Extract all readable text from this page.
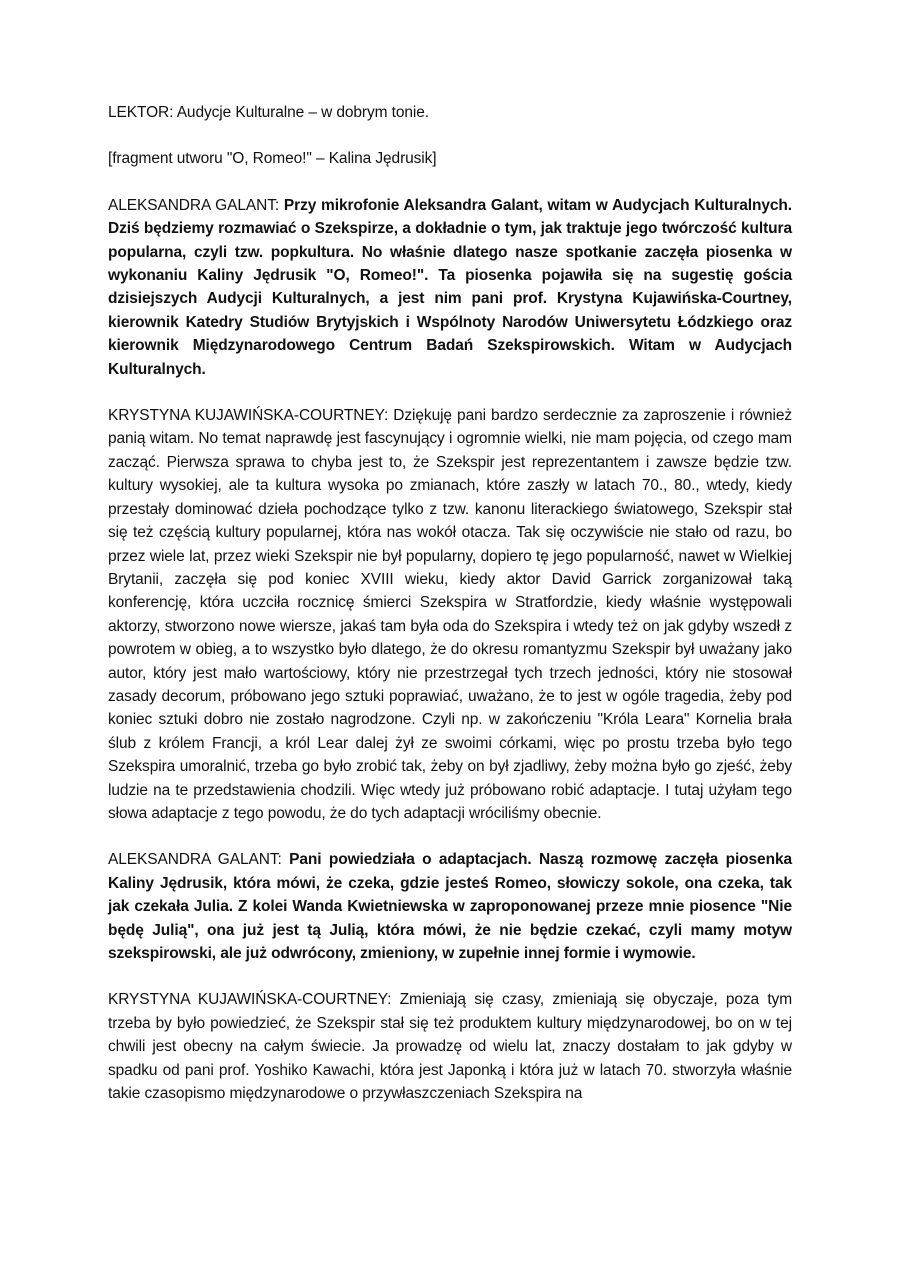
LEKTOR: Audycje Kulturalne – w dobrym tonie.

[fragment utworu "O, Romeo!" – Kalina Jędrusik]

ALEKSANDRA GALANT: Przy mikrofonie Aleksandra Galant, witam w Audycjach Kulturalnych. Dziś będziemy rozmawiać o Szekspirze, a dokładnie o tym, jak traktuje jego twórczość kultura popularna, czyli tzw. popkultura. No właśnie dlatego nasze spotkanie zaczęła piosenka w wykonaniu Kaliny Jędrusik "O, Romeo!". Ta piosenka pojawiła się na sugestię gościa dzisiejszych Audycji Kulturalnych, a jest nim pani prof. Krystyna Kujawińska-Courtney, kierownik Katedry Studiów Brytyjskich i Wspólnoty Narodów Uniwersytetu Łódzkiego oraz kierownik Międzynarodowego Centrum Badań Szekspirowskich. Witam w Audycjach Kulturalnych.

KRYSTYNA KUJAWIŃSKA-COURTNEY: Dziękuję pani bardzo serdecznie za zaproszenie i również panią witam. No temat naprawdę jest fascynujący i ogromnie wielki, nie mam pojęcia, od czego mam zacząć. Pierwsza sprawa to chyba jest to, że Szekspir jest reprezentantem i zawsze będzie tzw. kultury wysokiej, ale ta kultura wysoka po zmianach, które zaszły w latach 70., 80., wtedy, kiedy przestały dominować dzieła pochodzące tylko z tzw. kanonu literackiego światowego, Szekspir stał się też częścią kultury popularnej, która nas wokół otacza. Tak się oczywiście nie stało od razu, bo przez wiele lat, przez wieki Szekspir nie był popularny, dopiero tę jego popularność, nawet w Wielkiej Brytanii, zaczęła się pod koniec XVIII wieku, kiedy aktor David Garrick zorganizował taką konferencję, która uczciła rocznicę śmierci Szekspira w Stratfordzie, kiedy właśnie występowali aktorzy, stworzono nowe wiersze, jakaś tam była oda do Szekspira i wtedy też on jak gdyby wszedł z powrotem w obieg, a to wszystko było dlatego, że do okresu romantyzmu Szekspir był uważany jako autor, który jest mało wartościowy, który nie przestrzegał tych trzech jedności, który nie stosował zasady decorum, próbowano jego sztuki poprawiać, uważano, że to jest w ogóle tragedia, żeby pod koniec sztuki dobro nie zostało nagrodzone. Czyli np. w zakończeniu "Króla Leara" Kornelia brała ślub z królem Francji, a król Lear dalej żył ze swoimi córkami, więc po prostu trzeba było tego Szekspira umoralnić, trzeba go było zrobić tak, żeby on był zjadliwy, żeby można było go zjeść, żeby ludzie na te przedstawienia chodzili. Więc wtedy już próbowano robić adaptacje. I tutaj użyłam tego słowa adaptacje z tego powodu, że do tych adaptacji wróciliśmy obecnie.

ALEKSANDRA GALANT: Pani powiedziała o adaptacjach. Naszą rozmowę zaczęła piosenka Kaliny Jędrusik, która mówi, że czeka, gdzie jesteś Romeo, słowiczy sokole, ona czeka, tak jak czekała Julia. Z kolei Wanda Kwietniewska w zaproponowanej przeze mnie piosence "Nie będę Julią", ona już jest tą Julią, która mówi, że nie będzie czekać, czyli mamy motyw szekspirowski, ale już odwrócony, zmieniony, w zupełnie innej formie i wymowie.

KRYSTYNA KUJAWIŃSKA-COURTNEY: Zmieniają się czasy, zmieniają się obyczaje, poza tym trzeba by było powiedzieć, że Szekspir stał się też produktem kultury międzynarodowej, bo on w tej chwili jest obecny na całym świecie. Ja prowadzę od wielu lat, znaczy dostałam to jak gdyby w spadku od pani prof. Yoshiko Kawachi, która jest Japonką i która już w latach 70. stworzyła właśnie takie czasopismo międzynarodowe o przywłaszczeniach Szekspira na
